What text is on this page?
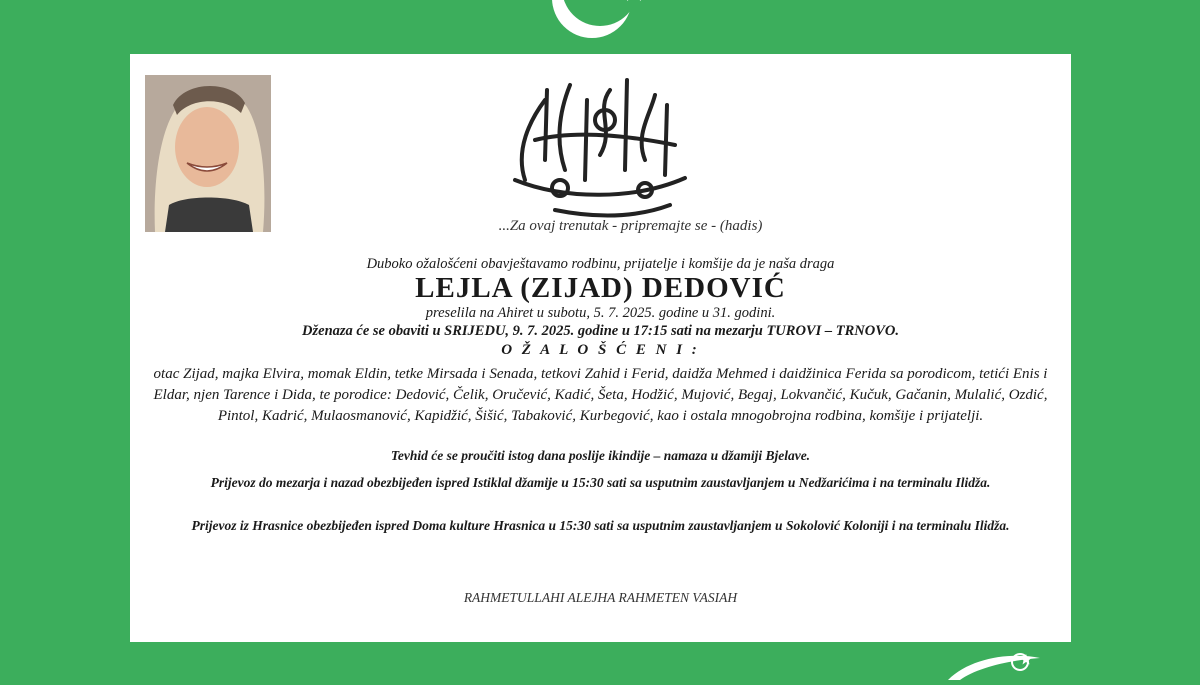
...Za ovaj trenutak - pripremajte se - (hadis)
Duboko ožalošćeni obavještavamo rodbinu, prijatelje i komšije da je naša draga
LEJLA (ZIJAD) DEDOVIĆ
preselila na Ahiret u subotu, 5. 7. 2025. godine u 31. godini.
Dženaza će se obaviti u SRIJEDU, 9. 7. 2025. godine u 17:15 sati na mezarju TUROVI – TRNOVO.
O Ž A L O Š Ć E N I :
otac Zijad, majka Elvira, momak Eldin, tetke Mirsada i Senada, tetkovi Zahid i Ferid, daidža Mehmed i daidžinica Ferida sa porodicom, tetići Enis i Eldar, njen Tarence i Dida, te porodice: Dedović, Čelik, Oručević, Kadić, Šeta, Hodžić, Mujović, Begaj, Lokvančić, Kučuk, Gačanin, Mulalić, Ozdić, Pintol, Kadrić, Mulaosmanović, Kapidžić, Šišić, Tabaković, Kurbegović, kao i ostala mnogobrojna rodbina, komšije i prijatelji.
Tevhid će se proučiti istog dana poslije ikindije – namaza u džamiji Bjelave.
Prijevoz do mezarja i nazad obezbijeđen ispred Istiklal džamije u 15:30 sati sa usputnim zaustavljanjem u Nedžarićima i na terminalu Ilidža.
Prijevoz iz Hrasnice obezbijeđen ispred Doma kulture Hrasnica u 15:30 sati sa usputnim zaustavljanjem u Sokolović Koloniji i na terminalu Ilidža.
RAHMETULLAHI ALEJHA RAHMETEN VASIAH
